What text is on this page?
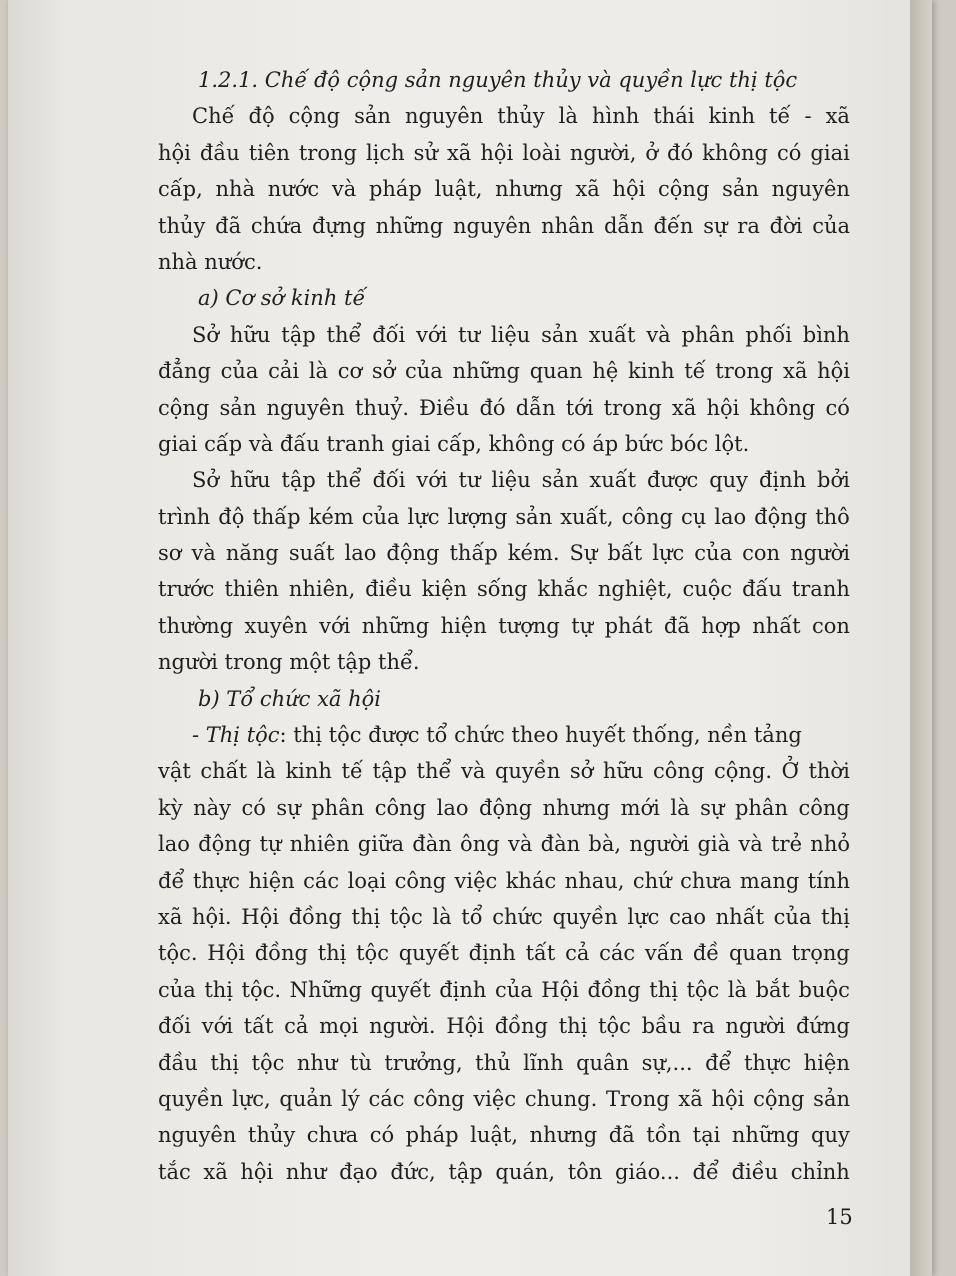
1.2.1. Chế độ cộng sản nguyên thủy và quyền lực thị tộc
Chế độ cộng sản nguyên thủy là hình thái kinh tế - xã
hội đầu tiên trong lịch sử xã hội loài người, ở đó không có giai
cấp, nhà nước và pháp luật, nhưng xã hội cộng sản nguyên
thủy đã chứa đựng những nguyên nhân dẫn đến sự ra đời của
nhà nước.
a) Cơ sở kinh tế
Sở hữu tập thể đối với tư liệu sản xuất và phân phối bình
đẳng của cải là cơ sở của những quan hệ kinh tế trong xã hội
cộng sản nguyên thuỷ. Điều đó dẫn tới trong xã hội không có
giai cấp và đấu tranh giai cấp, không có áp bức bóc lột.
Sở hữu tập thể đối với tư liệu sản xuất được quy định bởi
trình độ thấp kém của lực lượng sản xuất, công cụ lao động thô
sơ và năng suất lao động thấp kém. Sự bất lực của con người
trước thiên nhiên, điều kiện sống khắc nghiệt, cuộc đấu tranh
thường xuyên với những hiện tượng tự phát đã hợp nhất con
người trong một tập thể.
b) Tổ chức xã hội
- Thị tộc : thị tộc được tổ chức theo huyết thống, nền tảng
vật chất là kinh tế tập thể và quyền sở hữu công cộng. Ở thời
kỳ này có sự phân công lao động nhưng mới là sự phân công
lao động tự nhiên giữa đàn ông và đàn bà, người già và trẻ nhỏ
để thực hiện các loại công việc khác nhau, chứ chưa mang tính
xã hội. Hội đồng thị tộc là tổ chức quyền lực cao nhất của thị
tộc. Hội đồng thị tộc quyết định tất cả các vấn đề quan trọng
của thị tộc. Những quyết định của Hội đồng thị tộc là bắt buộc
đối với tất cả mọi người. Hội đồng thị tộc bầu ra người đứng
đầu thị tộc như tù trưởng, thủ lĩnh quân sự,... để thực hiện
quyền lực, quản lý các công việc chung. Trong xã hội cộng sản
nguyên thủy chưa có pháp luật, nhưng đã tồn tại những quy
tắc xã hội như đạo đức, tập quán, tôn giáo... để điều chỉnh
15
